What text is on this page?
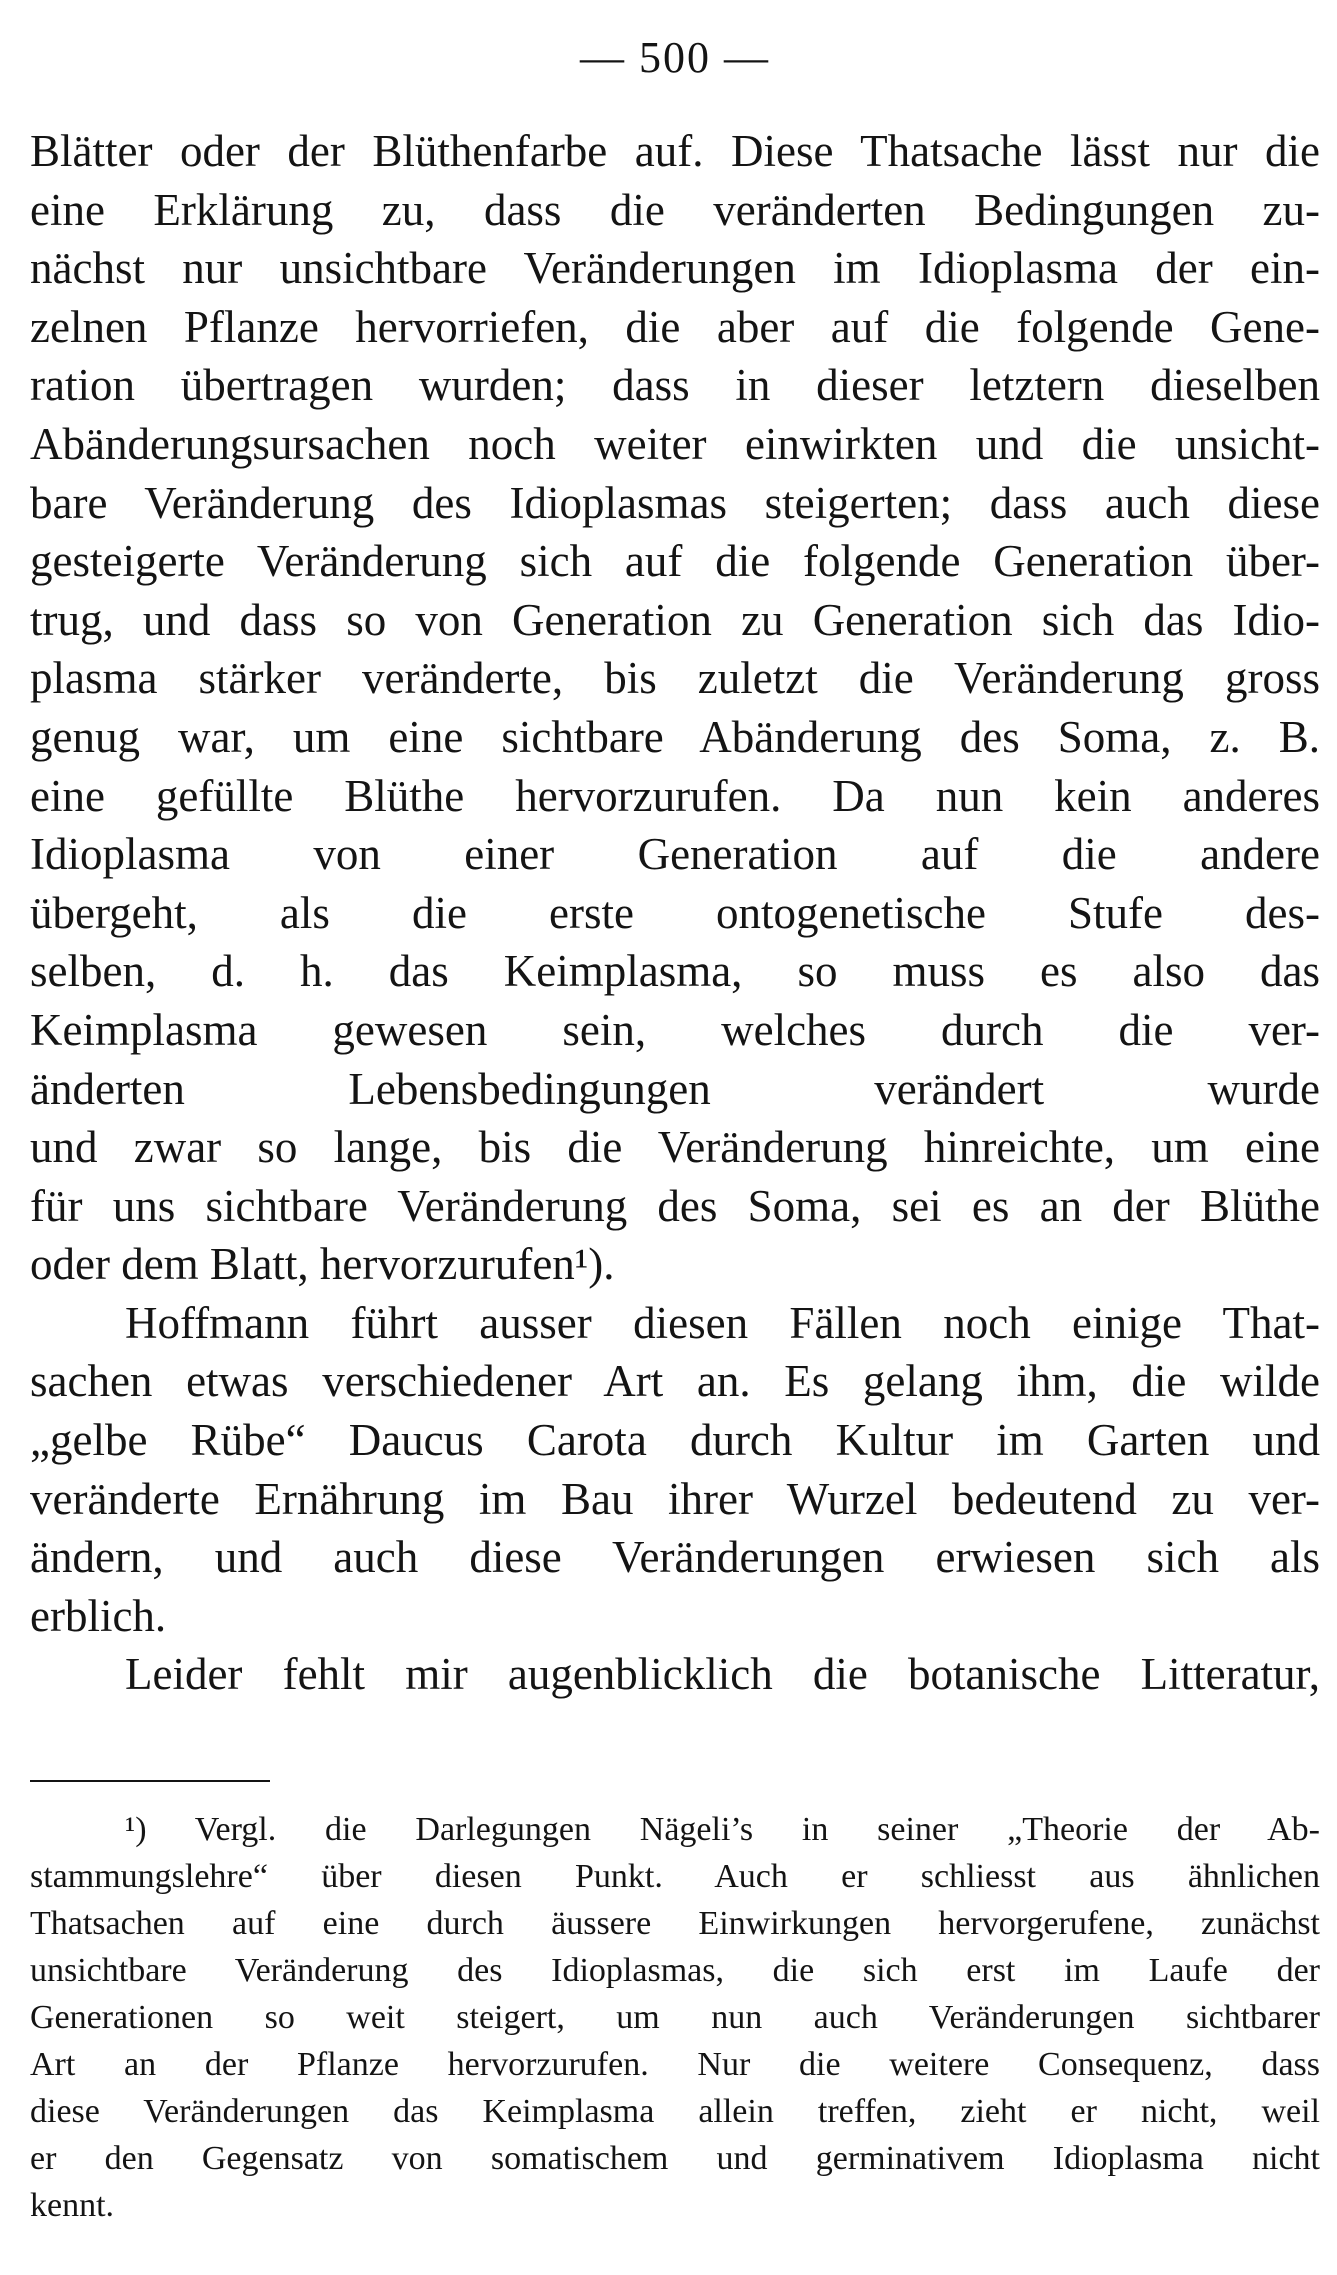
— 500 —
Blätter oder der Blüthenfarbe auf. Diese Thatsache lässt nur die
eine Erklärung zu, dass die veränderten Bedingungen zu-
nächst nur unsichtbare Veränderungen im Idioplasma der ein-
zelnen Pflanze hervorriefen, die aber auf die folgende Gene-
ration übertragen wurden; dass in dieser letztern dieselben
Abänderungsursachen noch weiter einwirkten und die unsicht-
bare Veränderung des Idioplasmas steigerten; dass auch diese
gesteigerte Veränderung sich auf die folgende Generation über-
trug, und dass so von Generation zu Generation sich das Idio-
plasma stärker veränderte, bis zuletzt die Veränderung gross
genug war, um eine sichtbare Abänderung des Soma, z. B.
eine gefüllte Blüthe hervorzurufen. Da nun kein anderes
Idioplasma von einer Generation auf die andere
übergeht, als die erste ontogenetische Stufe des-
selben, d. h. das Keimplasma, so muss es also das
Keimplasma gewesen sein, welches durch die ver-
änderten Lebensbedingungen verändert wurde
und zwar so lange, bis die Veränderung hinreichte, um eine
für uns sichtbare Veränderung des Soma, sei es an der Blüthe
oder dem Blatt, hervorzurufen¹).
Hoffmann führt ausser diesen Fällen noch einige That-
sachen etwas verschiedener Art an. Es gelang ihm, die wilde
„gelbe Rübe“ Daucus Carota durch Kultur im Garten und
veränderte Ernährung im Bau ihrer Wurzel bedeutend zu ver-
ändern, und auch diese Veränderungen erwiesen sich als
erblich.
Leider fehlt mir augenblicklich die botanische Litteratur,
¹) Vergl. die Darlegungen Nägeli’s in seiner „Theorie der Ab-
stammungslehre“ über diesen Punkt. Auch er schliesst aus ähnlichen
Thatsachen auf eine durch äussere Einwirkungen hervorgerufene, zunächst
unsichtbare Veränderung des Idioplasmas, die sich erst im Laufe der
Generationen so weit steigert, um nun auch Veränderungen sichtbarer
Art an der Pflanze hervorzurufen. Nur die weitere Consequenz, dass
diese Veränderungen das Keimplasma allein treffen, zieht er nicht, weil
er den Gegensatz von somatischem und germinativem Idioplasma nicht
kennt.
